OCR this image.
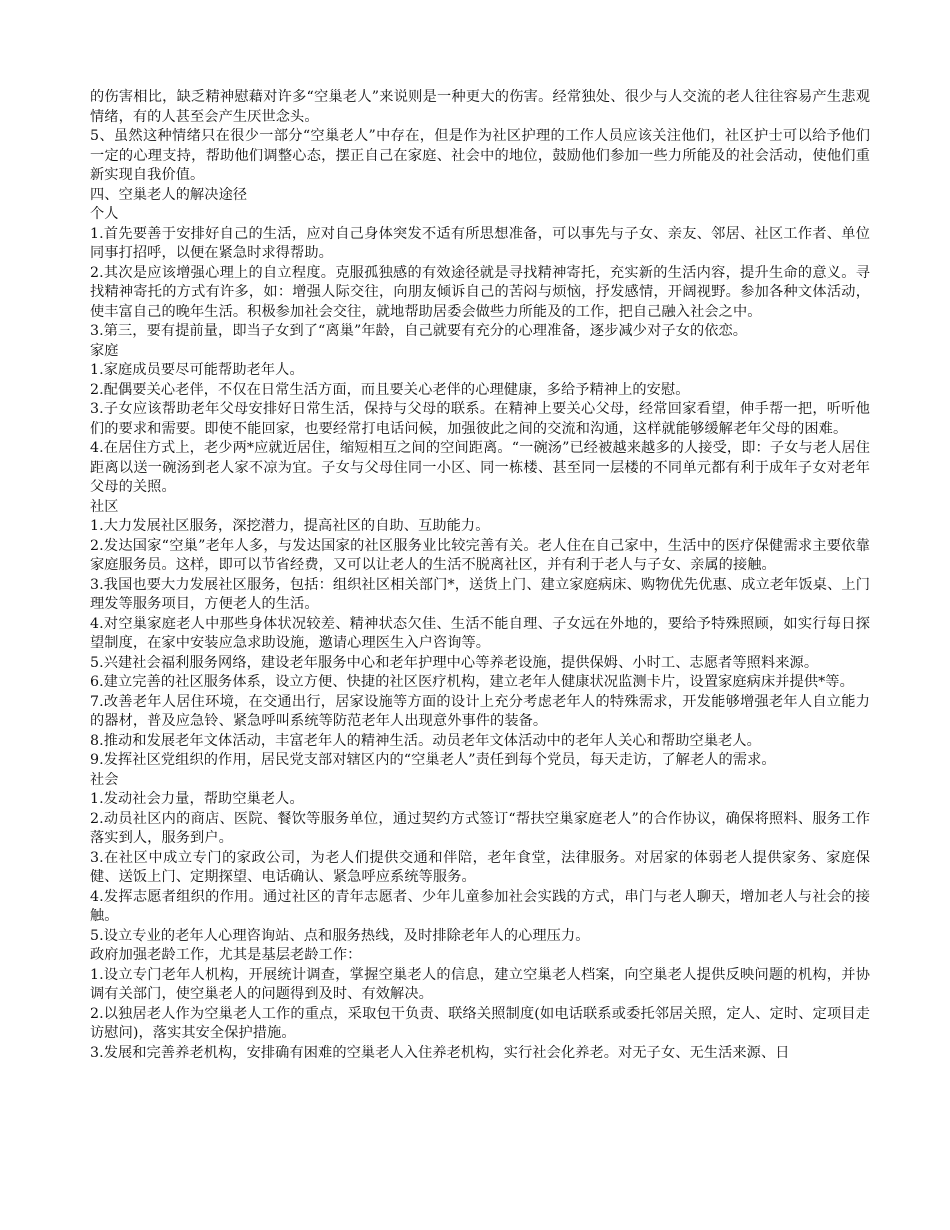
的伤害相比，缺乏精神慰藉对许多“空巢老人”来说则是一种更大的伤害。经常独处、很少与人交流的老人往往容易产生悲观情绪，有的人甚至会产生厌世念头。

5、虽然这种情绪只在很少一部分“空巢老人”中存在，但是作为社区护理的工作人员应该关注他们，社区护士可以给予他们一定的心理支持，帮助他们调整心态，摆正自己在家庭、社会中的地位，鼓励他们参加一些力所能及的社会活动，使他们重新实现自我价值。

四、空巢老人的解决途径

个人

1.首先要善于安排好自己的生活，应对自己身体突发不适有所思想准备，可以事先与子女、亲友、邻居、社区工作者、单位同事打招呼，以便在紧急时求得帮助。

2.其次是应该增强心理上的自立程度。克服孤独感的有效途径就是寻找精神寄托，充实新的生活内容，提升生命的意义。寻找精神寄托的方式有许多，如：增强人际交往，向朋友倾诉自己的苦闷与烦恼，抒发感情，开阔视野。参加各种文体活动，使丰富自己的晚年生活。积极参加社会交往，就地帮助居委会做些力所能及的工作，把自己融入社会之中。

3.第三，要有提前量，即当子女到了“离巢”年龄，自己就要有充分的心理准备，逐步减少对子女的依恋。

家庭

1.家庭成员要尽可能帮助老年人。

2.配偶要关心老伴，不仅在日常生活方面，而且要关心老伴的心理健康，多给予精神上的安慰。

3.子女应该帮助老年父母安排好日常生活，保持与父母的联系。在精神上要关心父母，经常回家看望，伸手帮一把，听听他们的要求和需要。即使不能回家，也要经常打电话问候，加强彼此之间的交流和沟通，这样就能够缓解老年父母的困难。

4.在居住方式上，老少两*应就近居住，缩短相互之间的空间距离。“一碗汤”已经被越来越多的人接受，即：子女与老人居住距离以送一碗汤到老人家不凉为宜。子女与父母住同一小区、同一栋楼、甚至同一层楼的不同单元都有利于成年子女对老年父母的关照。

社区

1.大力发展社区服务，深挖潜力，提高社区的自助、互助能力。

2.发达国家“空巢”老年人多，与发达国家的社区服务业比较完善有关。老人住在自己家中，生活中的医疗保健需求主要依靠家庭服务员。这样，即可以节省经费，又可以让老人的生活不脱离社区，并有利于老人与子女、亲属的接触。

3.我国也要大力发展社区服务，包括：组织社区相关部门*，送货上门、建立家庭病床、购物优先优惠、成立老年饭桌、上门理发等服务项目，方便老人的生活。

4.对空巢家庭老人中那些身体状况较差、精神状态欠佳、生活不能自理、子女远在外地的，要给予特殊照顾，如实行每日探望制度，在家中安装应急求助设施，邀请心理医生入户咨询等。

5.兴建社会福利服务网络，建设老年服务中心和老年护理中心等养老设施，提供保姆、小时工、志愿者等照料来源。

6.建立完善的社区服务体系，设立方便、快捷的社区医疗机构，建立老年人健康状况监测卡片，设置家庭病床并提供*等。

7.改善老年人居住环境，在交通出行，居家设施等方面的设计上充分考虑老年人的特殊需求，开发能够增强老年人自立能力的器材，普及应急铃、紧急呼叫系统等防范老年人出现意外事件的装备。

8.推动和发展老年文体活动，丰富老年人的精神生活。动员老年文体活动中的老年人关心和帮助空巢老人。

9.发挥社区党组织的作用，居民党支部对辖区内的“空巢老人”责任到每个党员，每天走访，了解老人的需求。

社会

1.发动社会力量，帮助空巢老人。

2.动员社区内的商店、医院、餐饮等服务单位，通过契约方式签订“帮扶空巢家庭老人”的合作协议，确保将照料、服务工作落实到人，服务到户。

3.在社区中成立专门的家政公司，为老人们提供交通和伴陪，老年食堂，法律服务。对居家的体弱老人提供家务、家庭保健、送饭上门、定期探望、电话确认、紧急呼应系统等服务。

4.发挥志愿者组织的作用。通过社区的青年志愿者、少年儿童参加社会实践的方式，串门与老人聊天，增加老人与社会的接触。

5.设立专业的老年人心理咨询站、点和服务热线，及时排除老年人的心理压力。

政府加强老龄工作，尤其是基层老龄工作：

1.设立专门老年人机构，开展统计调查，掌握空巢老人的信息，建立空巢老人档案，向空巢老人提供反映问题的机构，并协调有关部门，使空巢老人的问题得到及时、有效解决。

2.以独居老人作为空巢老人工作的重点，采取包干负责、联络关照制度(如电话联系或委托邻居关照，定人、定时、定项目走访慰问)，落实其安全保护措施。

3.发展和完善养老机构，安排确有困难的空巢老人入住养老机构，实行社会化养老。对无子女、无生活来源、日
